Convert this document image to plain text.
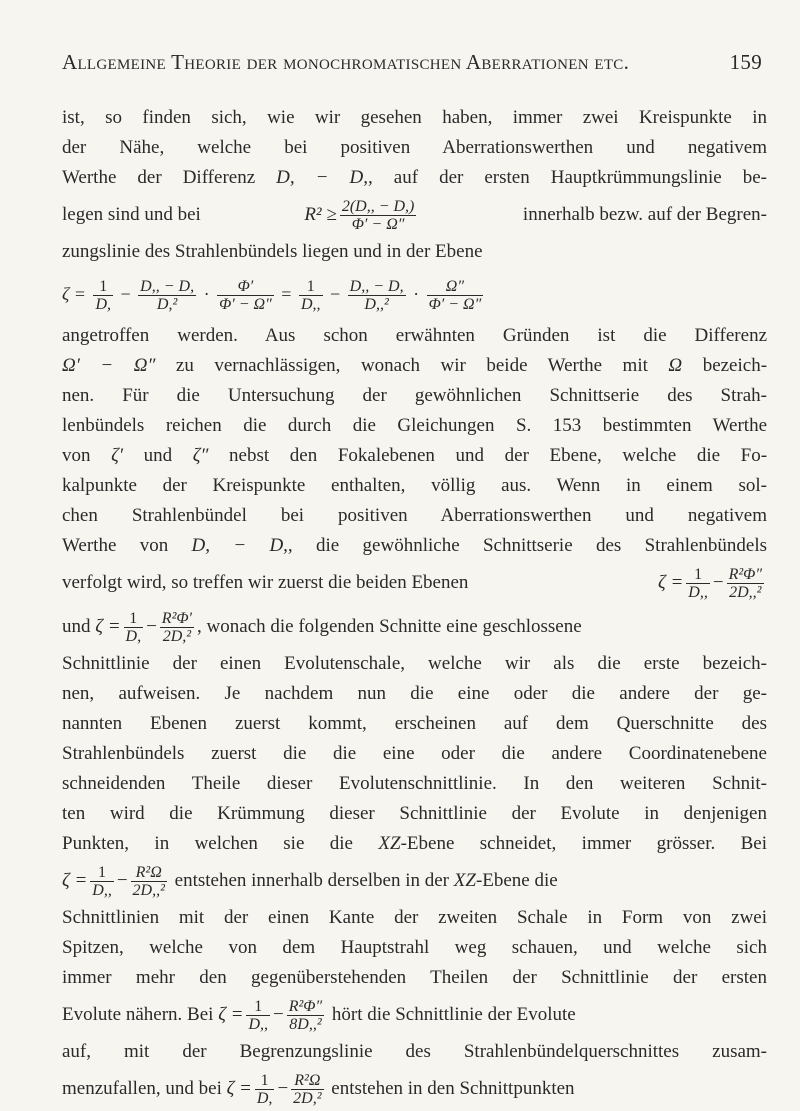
Allgemeine Theorie der monochromatischen Aberrationen etc.	159
ist, so finden sich, wie wir gesehen haben, immer zwei Kreispunkte in
der Nähe, welche bei positiven Aberrationswerthen und negativem
Werthe der Differenz D, − D,, auf der ersten Hauptkrümmungslinie be-
legen sind und bei	$R^2 \ge \frac{2(D,, - D,)}{\Phi' - \Omega''}$	innerhalb bezw. auf der Begren-
zungslinie des Strahlenbündels liegen und in der Ebene
$\zeta = \frac{1}{D,} - \frac{D,, - D,}{\text{D,²}} \cdot \frac{\Phi'}{\Phi' - \Omega''} = \frac{1}{D,,} - \frac{D,, - D,}{\text{D,,²}} \cdot \frac{\Omega''}{\Phi' - \Omega''}$
angetroffen werden. Aus schon erwähnten Gründen ist die Differenz
Ω′ − Ω″ zu vernachlässigen, wonach wir beide Werthe mit Ω bezeich-
nen. Für die Untersuchung der gewöhnlichen Schnittserie des Strah-
lenbündels reichen die durch die Gleichungen S. 153 bestimmten Werthe
von ζ′ und ζ″ nebst den Fokalebenen und der Ebene, welche die Fo-
kalpunkte der Kreispunkte enthalten, völlig aus. Wenn in einem sol-
chen Strahlenbündel bei positiven Aberrationswerthen und negativem
Werthe von D, − D,, die gewöhnliche Schnittserie des Strahlenbündels
verfolgt wird, so treffen wir zuerst die beiden Ebenen	$\zeta = \frac{1}{D,,} - \frac{\text{R²Φ″}}{\text{2D,,²}}$
und
$\zeta = \frac{1}{D,} - \frac{\text{R²Φ′}}{\text{2D,²}}$ , wonach die folgenden Schnitte eine geschlossene
Schnittlinie der einen Evolutenschale, welche wir als die erste bezeich-
nen, aufweisen. Je nachdem nun die eine oder die andere der ge-
nannten Ebenen zuerst kommt, erscheinen auf dem Querschnitte des
Strahlenbündels zuerst die die eine oder die andere Coordinatenebene
schneidenden Theile dieser Evolutenschnittlinie. In den weiteren Schnit-
ten wird die Krümmung dieser Schnittlinie der Evolute in denjenigen
Punkten, in welchen sie die XZ-Ebene schneidet, immer grösser. Bei
$\zeta = \frac{1}{D,,} - \frac{\text{R²Ω}}{\text{2D,,²}}$
entstehen innerhalb derselben in der
XZ -Ebene die
Schnittlinien mit der einen Kante der zweiten Schale in Form von zwei
Spitzen, welche von dem Hauptstrahl weg schauen, und welche sich
immer mehr den gegenüberstehenden Theilen der Schnittlinie der ersten
Evolute nähern. Bei
$\zeta = \frac{1}{D,,} - \frac{\text{R²Φ″}}{\text{8D,,²}}$
hört die Schnittlinie der Evolute
auf, mit der Begrenzungslinie des Strahlenbündelquerschnittes zusam-
menzufallen, und bei
$\zeta = \frac{1}{D,} - \frac{\text{R²Ω}}{\text{2D,²}}$
entstehen in den Schnittpunkten
